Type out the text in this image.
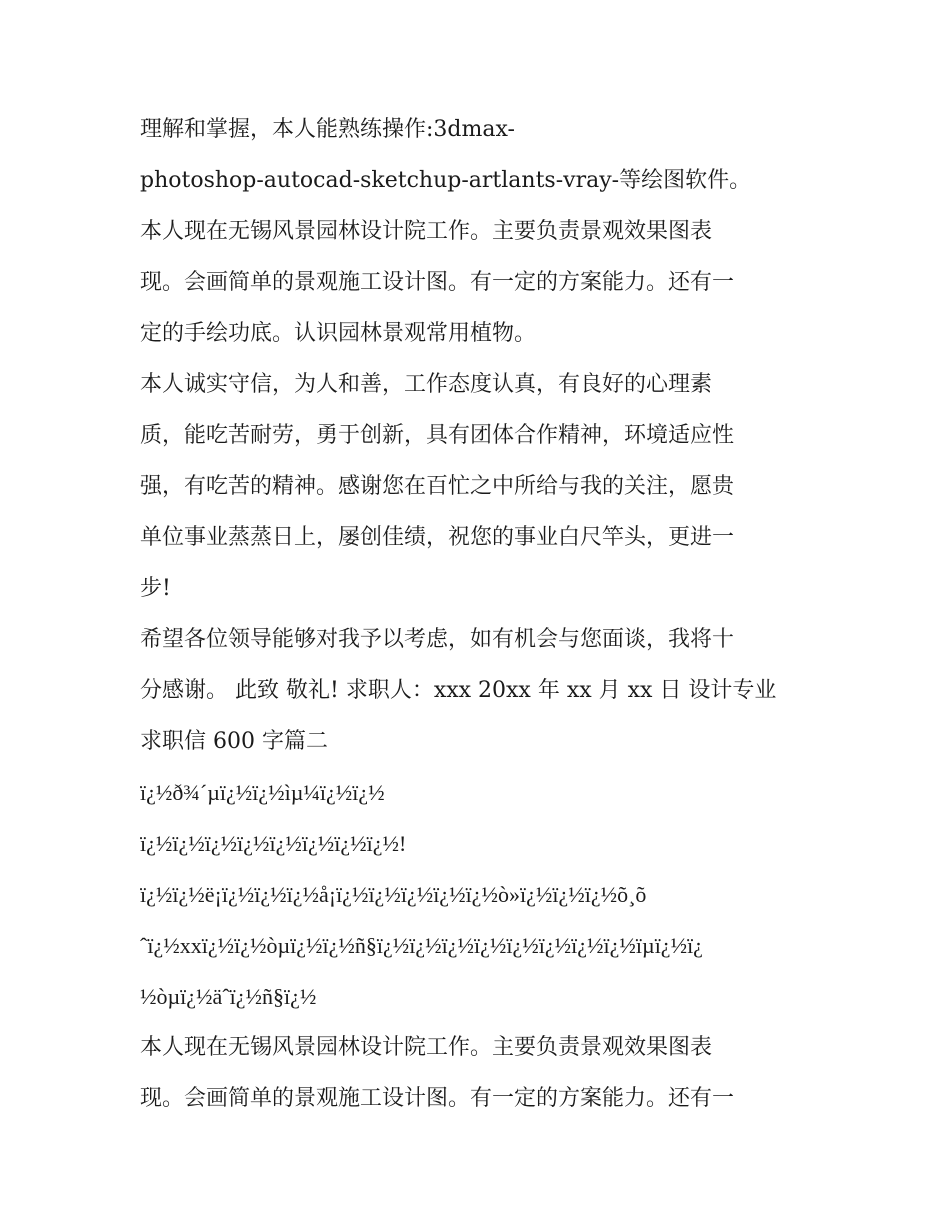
理解和掌握，本人能熟练操作:3dmax-
photoshop-autocad-sketchup-artlants-vray-等绘图软件。
本人现在无锡风景园林设计院工作。主要负责景观效果图表
现。会画简单的景观施工设计图。有一定的方案能力。还有一
定的手绘功底。认识园林景观常用植物。
本人诚实守信，为人和善，工作态度认真，有良好的心理素
质，能吃苦耐劳，勇于创新，具有团体合作精神，环境适应性
强，有吃苦的精神。感谢您在百忙之中所给与我的关注，愿贵
单位事业蒸蒸日上，屡创佳绩，祝您的事业白尺竿头，更进一
步!
希望各位领导能够对我予以考虑，如有机会与您面谈，我将十
分感谢。 此致 敬礼! 求职人：xxx 20xx 年 xx 月 xx 日 设计专业
求职信 600 字篇二
ï¿½ð¾´µï¿½ï¿½ìµ¼ï¿½ï¿½
ï¿½ï¿½ï¿½ï¿½ï¿½ï¿½ï¿½ï¿½!
ï¿½ï¿½ë¡ï¿½ï¿½ï¿½å¡ï¿½ï¿½ï¿½ï¿½ï¿½ò»ï¿½ï¿½ï¿½õ¸õ
ˆï¿½xxï¿½ï¿½òµï¿½ï¿½ñ§ï¿½ï¿½ï¿½ï¿½ï¿½ï¿½ï¿½ï¿½ïµï¿½ï¿
½òµï¿½äˆï¿½ñ§ï¿½
本人现在无锡风景园林设计院工作。主要负责景观效果图表
现。会画简单的景观施工设计图。有一定的方案能力。还有一
